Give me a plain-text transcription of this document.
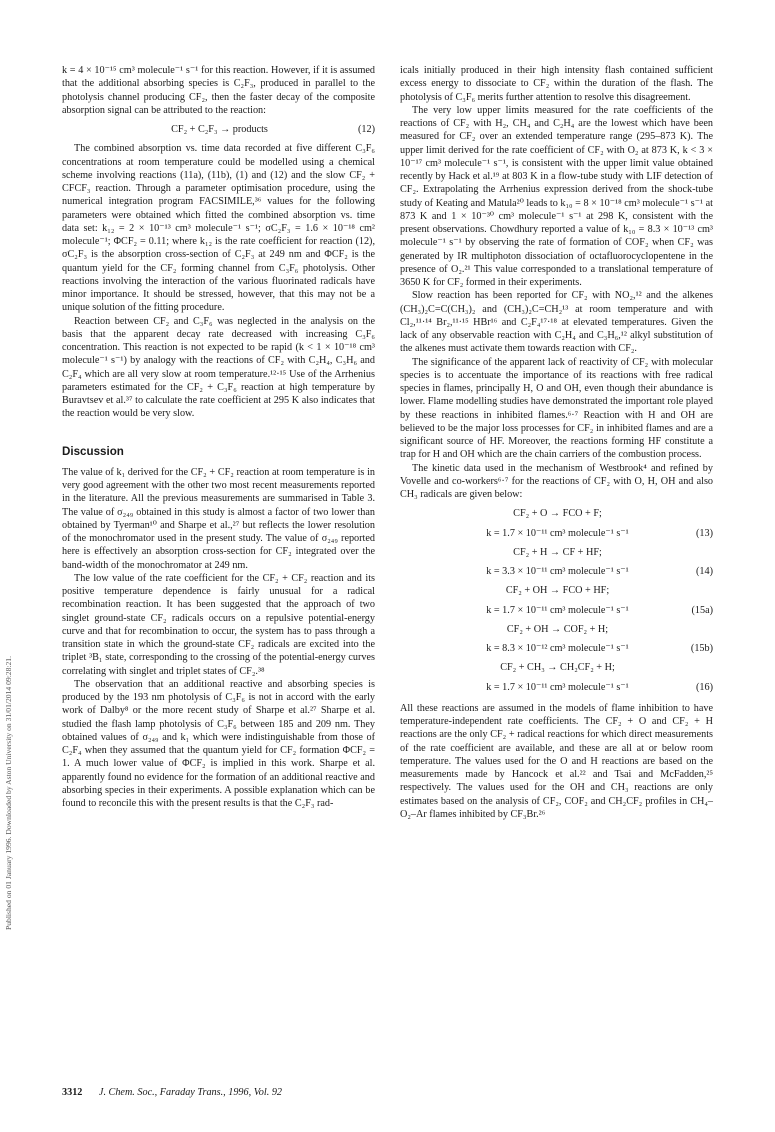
Published on 01 January 1996. Downloaded by Aston University on 31/01/2014 09:28:21.

k = 4 × 10⁻¹⁵ cm³ molecule⁻¹ s⁻¹ for this reaction. However, if it is assumed that the additional absorbing species is C₂F₃, produced in parallel to the photolysis channel producing CF₂, then the faster decay of the composite absorption signal can be attributed to the reaction:

CF₂ + C₂F₃ → products	(12)

The combined absorption vs. time data recorded at five different C₃F₆ concentrations at room temperature could be modelled using a chemical scheme involving reactions (11a), (11b), (1) and (12) and the slow CF₂ + CFCF₃ reaction. Through a parameter optimisation procedure, using the numerical integration program FACSIMILE,³⁶ values for the following parameters were obtained which fitted the combined absorption vs. time data set: k₁₂ = 2 × 10⁻¹³ cm³ molecule⁻¹ s⁻¹; σC₂F₃ = 1.6 × 10⁻¹⁸ cm² molecule⁻¹; ΦCF₂ = 0.11; where k₁₂ is the rate coefficient for reaction (12), σC₂F₃ is the absorption cross-section of C₂F₃ at 249 nm and ΦCF₂ is the quantum yield for the CF₂ forming channel from C₃F₆ photolysis. Other reactions involving the interaction of the various fluorinated radicals have minor importance. It should be stressed, however, that this may not be a unique solution of the fitting procedure.

Reaction between CF₂ and C₃F₆ was neglected in the analysis on the basis that the apparent decay rate decreased with increasing C₃F₆ concentration. This reaction is not expected to be rapid (k < 1 × 10⁻¹⁸ cm³ molecule⁻¹ s⁻¹) by analogy with the reactions of CF₂ with C₂H₄, C₃H₆ and C₂F₄ which are all very slow at room temperature.¹²·¹⁵ Use of the Arrhenius parameters estimated for the CF₂ + C₃F₆ reaction at high temperature by Buravtsev et al.³⁷ to calculate the rate coefficient at 295 K also indicates that the reaction would be very slow.

Discussion

The value of k₁ derived for the CF₂ + CF₂ reaction at room temperature is in very good agreement with the other two most recent measurements reported in the literature. All the previous measurements are summarised in Table 3. The value of σ₂₄₉ obtained in this study is almost a factor of two lower than obtained by Tyerman¹⁰ and Sharpe et al.,²⁷ but reflects the lower resolution of the monochromator used in the present study. The value of σ₂₄₉ reported here is effectively an absorption cross-section for CF₂ integrated over the band-width of the monochromator at 249 nm.

The low value of the rate coefficient for the CF₂ + CF₂ reaction and its positive temperature dependence is fairly unusual for a radical recombination reaction. It has been suggested that the approach of two singlet ground-state CF₂ radicals occurs on a repulsive potential-energy curve and that for recombination to occur, the system has to pass through a transition state in which the ground-state CF₂ radicals are excited into the triplet ³B₁ state, corresponding to the crossing of the potential-energy curves correlating with singlet and triplet states of CF₂.³⁸

The observation that an additional reactive and absorbing species is produced by the 193 nm photolysis of C₃F₆ is not in accord with the early work of Dalby⁸ or the more recent study of Sharpe et al.²⁷ Sharpe et al. studied the flash lamp photolysis of C₃F₆ between 185 and 209 nm. They obtained values of σ₂₄₉ and k₁ which were indistinguishable from those of C₂F₄ when they assumed that the quantum yield for CF₂ formation ΦCF₂ = 1. A much lower value of ΦCF₂ is implied in this work. Sharpe et al. apparently found no evidence for the formation of an additional reactive and absorbing species in their experiments. A possible explanation which can be found to reconcile this with the present results is that the C₂F₃ rad-

icals initially produced in their high intensity flash contained sufficient excess energy to dissociate to CF₂ within the duration of the flash. The photolysis of C₃F₆ merits further attention to resolve this disagreement.

The very low upper limits measured for the rate coefficients of the reactions of CF₂ with H₂, CH₄ and C₂H₄ are the lowest which have been measured for CF₂ over an extended temperature range (295–873 K). The upper limit derived for the rate coefficient of CF₂ with O₂ at 873 K, k < 3 × 10⁻¹⁷ cm³ molecule⁻¹ s⁻¹, is consistent with the upper limit value obtained recently by Hack et al.¹⁹ at 803 K in a flow-tube study with LIF detection of CF₂. Extrapolating the Arrhenius expression derived from the shock-tube study of Keating and Matula²⁰ leads to k₁₀ = 8 × 10⁻¹⁸ cm³ molecule⁻¹ s⁻¹ at 873 K and 1 × 10⁻³⁰ cm³ molecule⁻¹ s⁻¹ at 298 K, consistent with the present observations. Chowdhury reported a value of k₁₀ = 8.3 × 10⁻¹³ cm³ molecule⁻¹ s⁻¹ by observing the rate of formation of COF₂ when CF₂ was generated by IR multiphoton dissociation of octafluorocyclopentene in the presence of O₂.²¹ This value corresponded to a translational temperature of 3650 K for CF₂ formed in their experiments.

Slow reaction has been reported for CF₂ with NO₂,¹² and the alkenes (CH₃)₂C=C(CH₃)₂ and (CH₃)₂C=CH₂¹³ at room temperature and with Cl₂,¹¹·¹⁴ Br₂,¹¹·¹⁵ HBr¹⁶ and C₂F₄¹⁷·¹⁸ at elevated temperatures. Given the lack of any observable reaction with C₂H₄ and C₃H₆,¹² alkyl substitution of the alkenes must activate them towards reaction with CF₂.

The significance of the apparent lack of reactivity of CF₂ with molecular species is to accentuate the importance of its reactions with free radical species in flames, principally H, O and OH, even though their abundance is lower. Flame modelling studies have demonstrated the important role played by these reactions in inhibited flames.⁶·⁷ Reaction with H and OH are believed to be the major loss processes for CF₂ in inhibited flames and are a significant source of HF. Moreover, the reactions forming HF constitute a trap for H and OH which are the chain carriers of the combustion process.

The kinetic data used in the mechanism of Westbrook⁴ and refined by Vovelle and co-workers⁶·⁷ for the reactions of CF₂ with O, H, OH and also CH₃ radicals are given below:

CF₂ + O → FCO + F;
k = 1.7 × 10⁻¹¹ cm³ molecule⁻¹ s⁻¹	(13)
CF₂ + H → CF + HF;
k = 3.3 × 10⁻¹¹ cm³ molecule⁻¹ s⁻¹	(14)
CF₂ + OH → FCO + HF;
k = 1.7 × 10⁻¹¹ cm³ molecule⁻¹ s⁻¹	(15a)
CF₂ + OH → COF₂ + H;
k = 8.3 × 10⁻¹² cm³ molecule⁻¹ s⁻¹	(15b)
CF₂ + CH₃ → CH₂CF₂ + H;
k = 1.7 × 10⁻¹¹ cm³ molecule⁻¹ s⁻¹	(16)

All these reactions are assumed in the models of flame inhibition to have temperature-independent rate coefficients. The CF₂ + O and CF₂ + H reactions are the only CF₂ + radical reactions for which direct measurements of the rate coefficient are available, and these are all at or below room temperature. The values used for the O and H reactions are based on the measurements made by Hancock et al.²² and Tsai and McFadden,²⁵ respectively. The values used for the OH and CH₃ reactions are only estimates based on the analysis of CF₂, COF₂ and CH₂CF₂ profiles in CH₄–O₂–Ar flames inhibited by CF₃Br.²⁶

3312 J. Chem. Soc., Faraday Trans., 1996, Vol. 92
